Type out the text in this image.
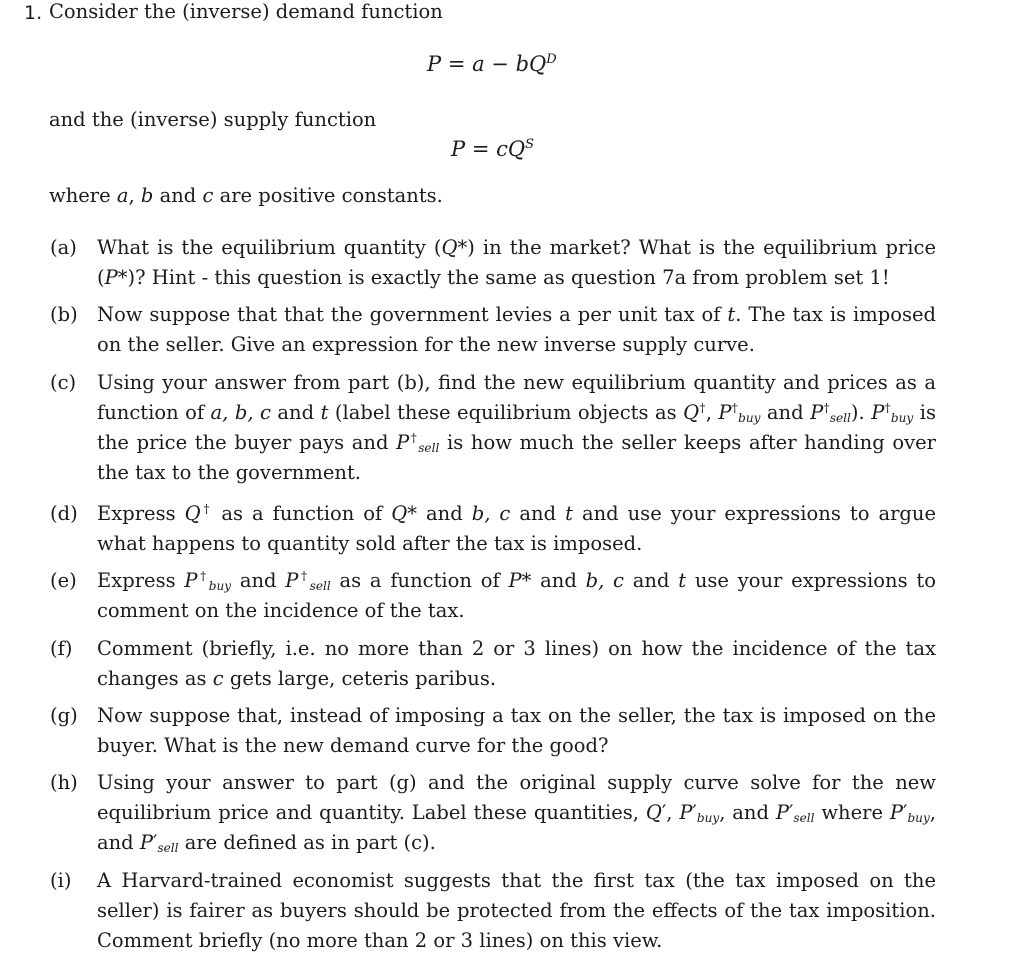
1. Consider the (inverse) demand function
$P = a - bQ^D$
and the (inverse) supply function
$P = cQ^S$
where a, b and c are positive constants.
(a) What is the equilibrium quantity (Q*) in the market? What is the equilibrium price (P*)? Hint - this question is exactly the same as question 7a from problem set 1!
(b) Now suppose that that the government levies a per unit tax of t. The tax is imposed on the seller. Give an expression for the new inverse supply curve.
(c) Using your answer from part (b), find the new equilibrium quantity and prices as a function of a, b, c and t (label these equilibrium objects as Q†, $P^\dagger_{buy}$ and $P^\dagger_{sell}$). $P^\dagger_{buy}$ is the price the buyer pays and $P^\dagger_{sell}$ is how much the seller keeps after handing over the tax to the government.
(d) Express Q† as a function of Q* and b, c and t and use your expressions to argue what happens to quantity sold after the tax is imposed.
(e) Express $P^\dagger_{buy}$ and $P^\dagger_{sell}$ as a function of P* and b, c and t use your expressions to comment on the incidence of the tax.
(f) Comment (briefly, i.e. no more than 2 or 3 lines) on how the incidence of the tax changes as c gets large, ceteris paribus.
(g) Now suppose that, instead of imposing a tax on the seller, the tax is imposed on the buyer. What is the new demand curve for the good?
(h) Using your answer to part (g) and the original supply curve solve for the new equilibrium price and quantity. Label these quantities, Q′, $P'_{buy}$, and $P'_{sell}$ where $P'_{buy}$, and $P'_{sell}$ are defined as in part (c).
(i) A Harvard-trained economist suggests that the first tax (the tax imposed on the seller) is fairer as buyers should be protected from the effects of the tax imposition. Comment briefly (no more than 2 or 3 lines) on this view.
